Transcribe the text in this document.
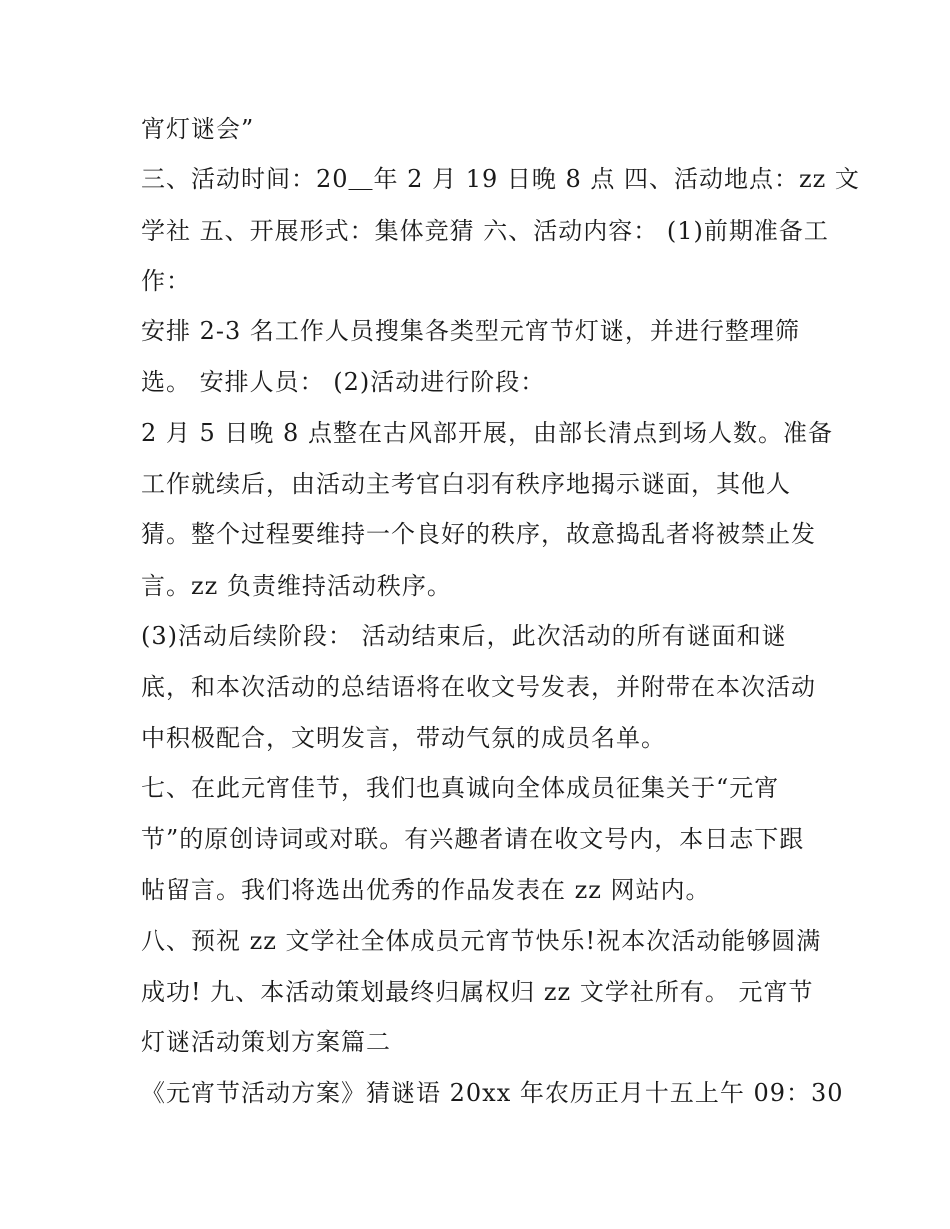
宵灯谜会”
三、活动时间：20＿年 2 月 19 日晚 8 点 四、活动地点：zz 文
学社 五、开展形式：集体竞猜 六、活动内容： (1)前期准备工
作：
安排 2-3 名工作人员搜集各类型元宵节灯谜，并进行整理筛
选。 安排人员： (2)活动进行阶段：
2 月 5 日晚 8 点整在古风部开展，由部长清点到场人数。准备
工作就续后，由活动主考官白羽有秩序地揭示谜面，其他人
猜。整个过程要维持一个良好的秩序，故意捣乱者将被禁止发
言。zz 负责维持活动秩序。
(3)活动后续阶段： 活动结束后，此次活动的所有谜面和谜
底，和本次活动的总结语将在收文号发表，并附带在本次活动
中积极配合，文明发言，带动气氛的成员名单。
七、在此元宵佳节，我们也真诚向全体成员征集关于“元宵
节”的原创诗词或对联。有兴趣者请在收文号内，本日志下跟
帖留言。我们将选出优秀的作品发表在 zz 网站内。
八、预祝 zz 文学社全体成员元宵节快乐!祝本次活动能够圆满
成功! 九、本活动策划最终归属权归 zz 文学社所有。 元宵节
灯谜活动策划方案篇二
《元宵节活动方案》猜谜语 20xx 年农历正月十五上午 09：30
